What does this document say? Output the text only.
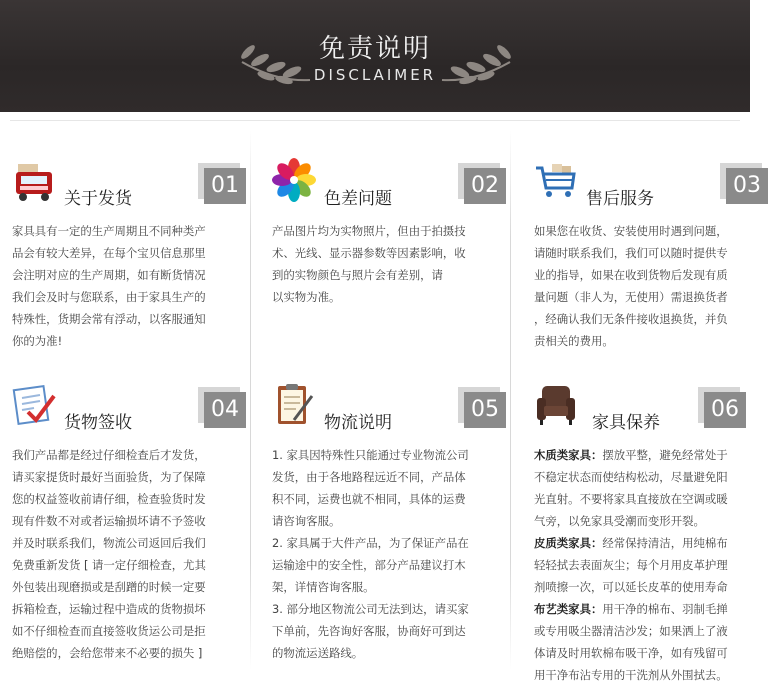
免责说明
DISCLAIMER
关于发货
01

家具具有一定的生产周期且不同种类产

品会有较大差异，在每个宝贝信息那里

会注明对应的生产周期，如有断货情况

我们会及时与您联系，由于家具生产的

特殊性，货期会常有浮动，以客服通知

你的为准!

色差问题
02

产品图片均为实物照片，但由于拍摄技

术、光线、显示器参数等因素影响，收

到的实物颜色与照片会有差别，请

以实物为准。

售后服务
03

如果您在收货、安装使用时遇到问题，

请随时联系我们，我们可以随时提供专

业的指导，如果在收到货物后发现有质

量问题（非人为，无使用）需退换货者

，经确认我们无条件接收退换货，并负

责相关的费用。

货物签收
04

我们产品都是经过仔细检查后才发货，

请买家提货时最好当面验货，为了保障

您的权益签收前请仔细，检查验货时发

现有件数不对或者运输损坏请不予签收

并及时联系我们，物流公司返回后我们

免费重新发货 [ 请一定仔细检查，尤其

外包装出现磨损或是刮蹭的时候一定要

拆箱检查，运输过程中造成的货物损坏

如不仔细检查而直接签收货运公司是拒

绝赔偿的，会给您带来不必要的损失 ]

物流说明
05

1. 家具因特殊性只能通过专业物流公司

发货，由于各地路程远近不同，产品体

积不同，运费也就不相同，具体的运费

请咨询客服。

2. 家具属于大件产品，为了保证产品在

运输途中的安全性，部分产品建议打木

架，详情咨询客服。

3. 部分地区物流公司无法到达，请买家

下单前，先咨询好客服，协商好可到达

的物流运送路线。

家具保养
06

木质类家具：摆放平整，避免经常处于

不稳定状态而使结构松动，尽量避免阳

光直射。不要将家具直接放在空调或暖

气旁，以免家具受潮而变形开裂。

皮质类家具：经常保持清洁，用纯棉布

轻轻拭去表面灰尘；每个月用皮革护理

剂喷擦一次，可以延长皮革的使用寿命

布艺类家具：用干净的棉布、羽制毛掸

或专用吸尘器清洁沙发；如果洒上了液

体请及时用软棉布吸干净，如有残留可

用干净布沾专用的干洗剂从外围拭去。
